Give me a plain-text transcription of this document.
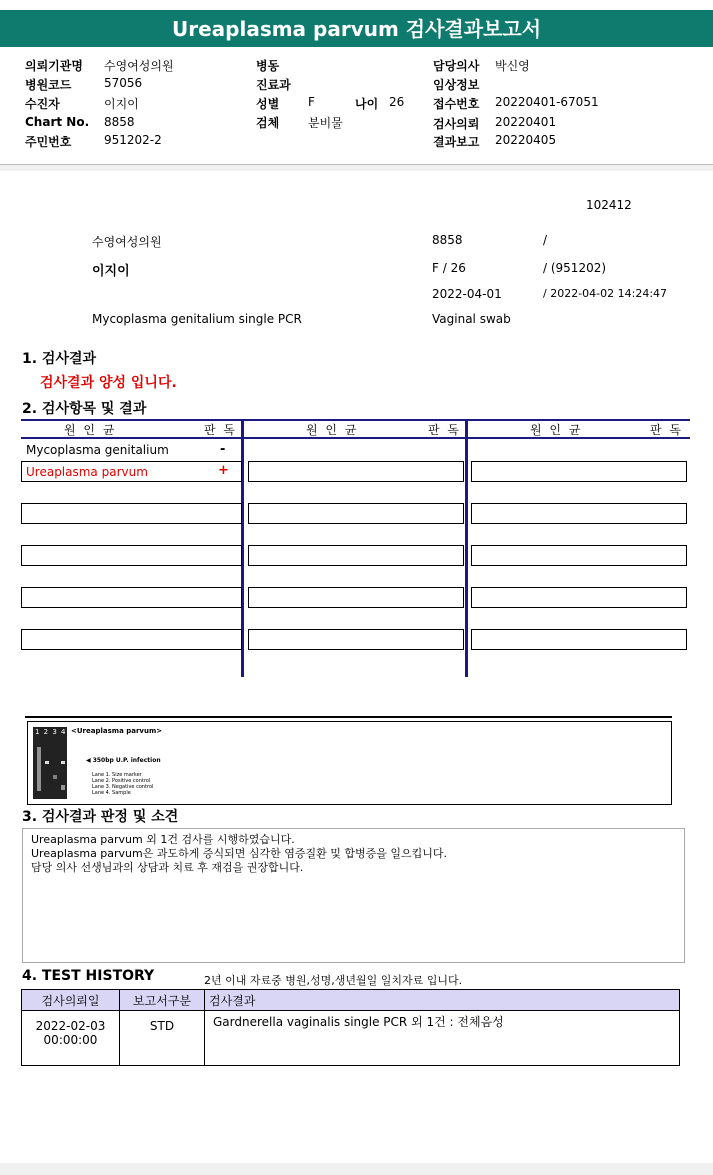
Ureaplasma parvum 검사결과보고서
의뢰기관명 수영여성의원
병원코드	57056
수진자	이지이
Chart No. 8858
주민번호	951202-2
병동
진료과
성별 F	나이 26
검체 분비물
담당의사 박신영
임상정보
접수번호 20220401-67051
검사의뢰 20220401
결과보고 20220405
102412
수영여성의원	8858	/
이지이	F / 26	/ (951202)
2022-04-01	/ 2022-04-02 14:24:47
Mycoplasma genitalium single PCR	Vaginal swab
1. 검사결과
검사결과 양성 입니다.
2. 검사항목 및 결과
원 인 균	판 독	원 인 균	판 독	원 인 균	판 독
Mycoplasma genitalium	-
Ureaplasma parvum	+
1 2 3 4 <Ureaplasma parvum>
◀ 350bp U.P. infection
Lane 1. Size marker
Lane 2. Positive control
Lane 3. Negative control
Lane 4. Sample
3. 검사결과 판정 및 소견
Ureaplasma parvum 외 1건 검사를 시행하였습니다.
Ureaplasma parvum은 과도하게 증식되면 심각한 염증질환 및 합병증을 일으킵니다.
담당 의사 선생님과의 상담과 치료 후 재검을 권장합니다.
4. TEST HISTORY	2년 이내 자료중 병원,성명,생년월일 일치자료 입니다.
검사의뢰일	보고서구분	검사결과

2022-02-03
00:00:00	STD	Gardnerella vaginalis single PCR 외 1건 : 전체음성
